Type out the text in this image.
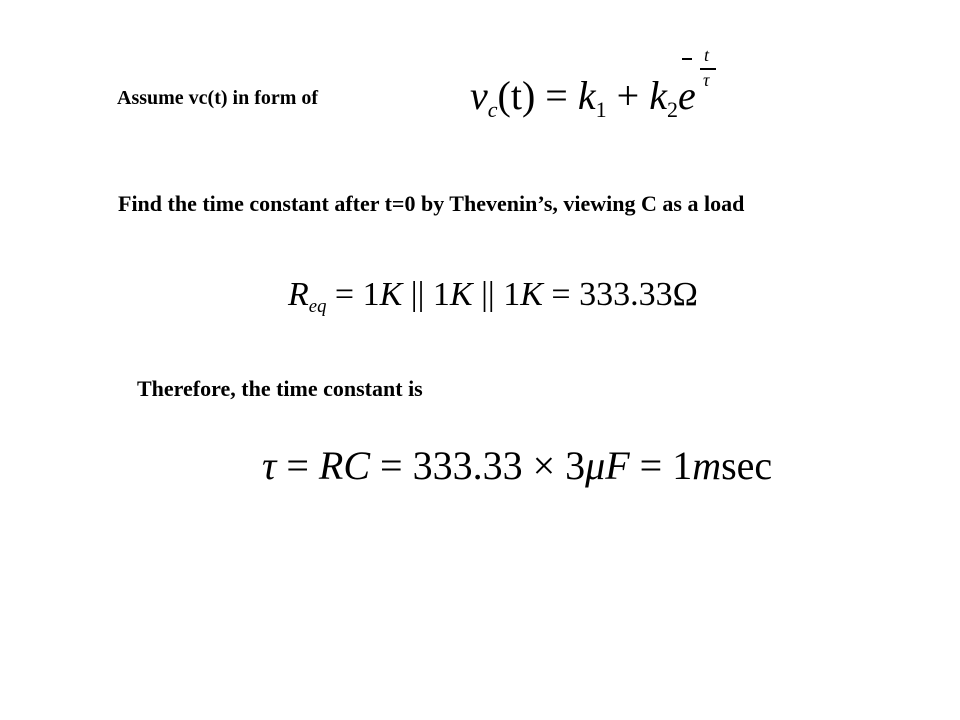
Assume vc(t) in form of	vc(t) = k1 + k2e
t
τ
Find the time constant after t=0 by Thevenin’s, viewing C as a load
Req = 1K || 1K || 1K = 333.33Ω
Therefore, the time constant is
τ = RC = 333.33 × 3μF = 1msec
